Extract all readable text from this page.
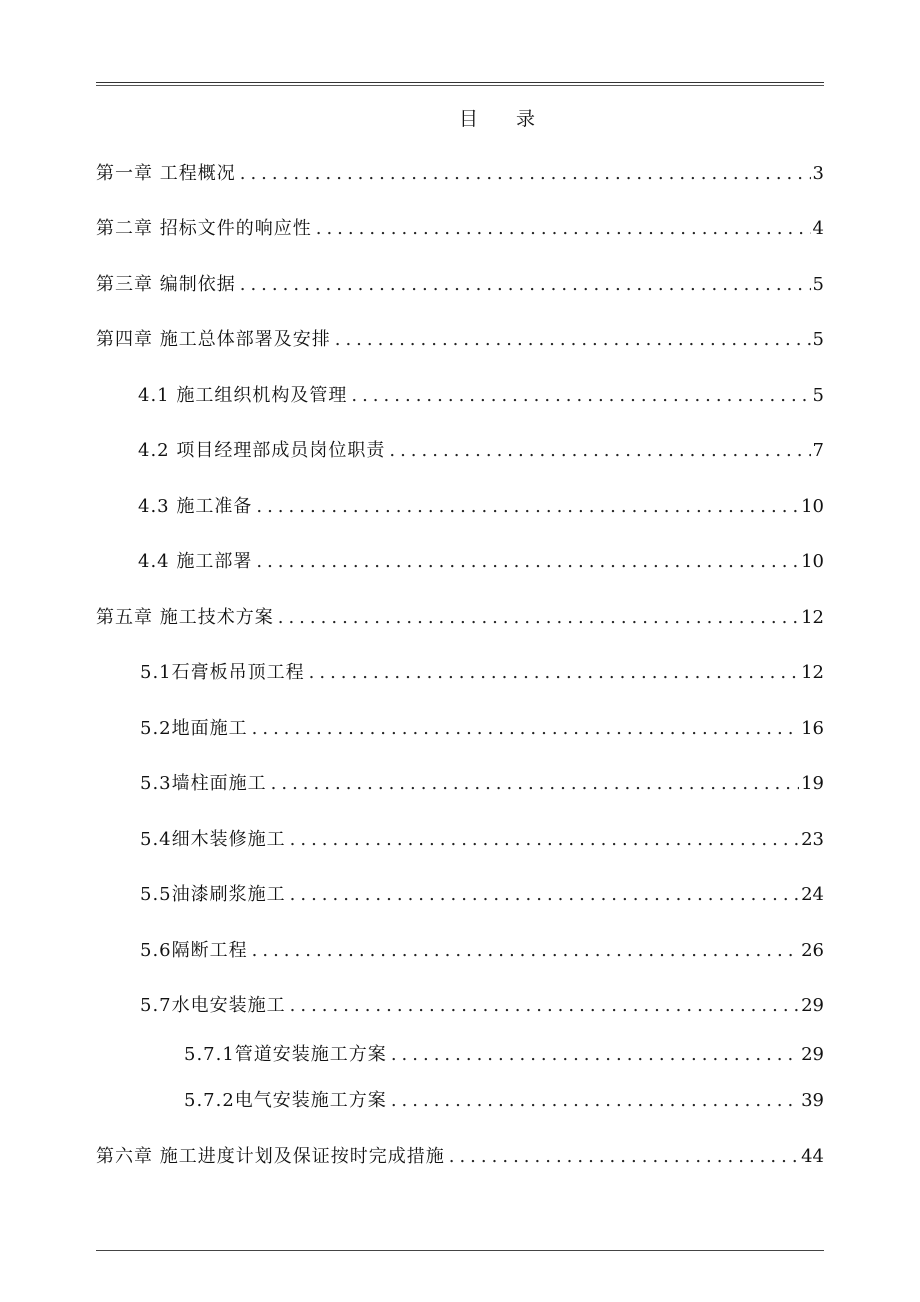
目 录
第一章 工程概况 .....	3
第二章 招标文件的响应性 .....	4
第三章 编制依据 .....	5
第四章 施工总体部署及安排 .....	5
4.1 施工组织机构及管理 .....	5
4.2 项目经理部成员岗位职责 .....	7
4.3 施工准备 .....	10
4.4 施工部署 .....	10
第五章 施工技术方案 .....	12
5.1石膏板吊顶工程 .....	12
5.2地面施工 .....	16
5.3墙柱面施工 .....	19
5.4细木装修施工 .....	23
5.5油漆刷浆施工 .....	24
5.6隔断工程 .....	26
5.7水电安装施工 .....	29
5.7.1管道安装施工方案 .....	29
5.7.2电气安装施工方案 .....	39
第六章 施工进度计划及保证按时完成措施 .....	44
